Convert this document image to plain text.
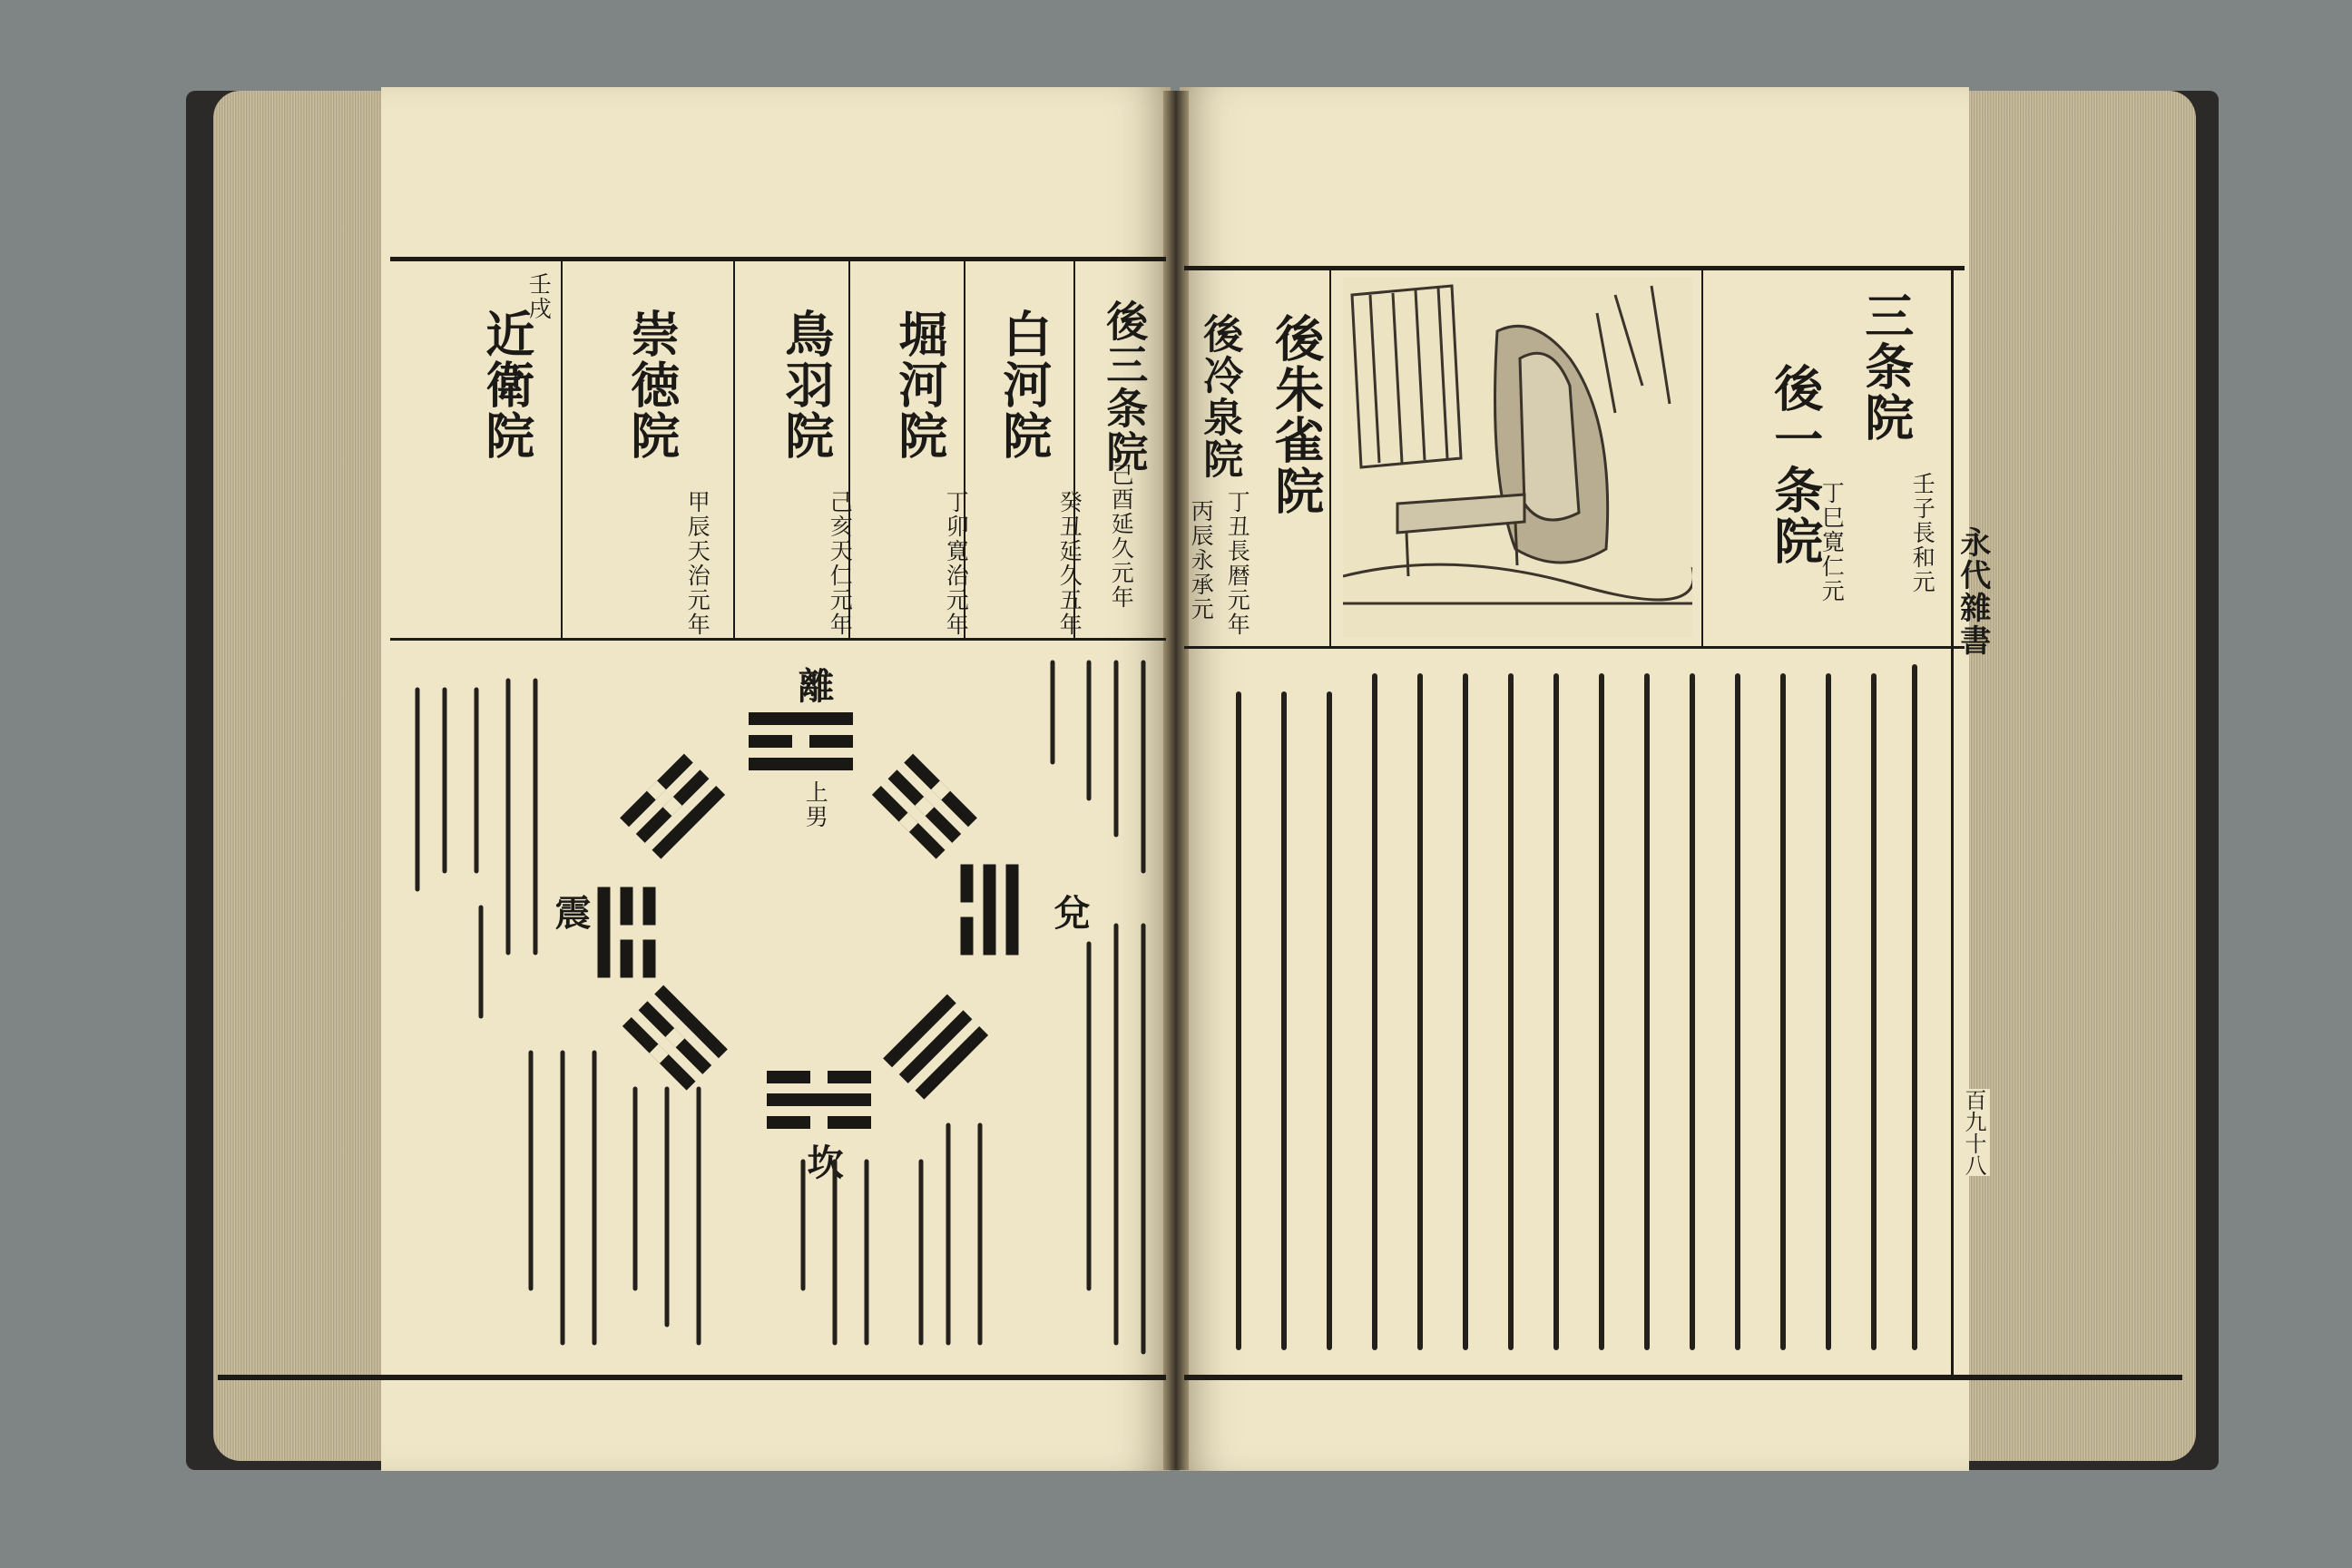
永代雜書
百九十八
三条院
壬子長和元
後一条院
丁巳寛仁元
後朱雀院
丁丑長暦元年
後冷泉院
丙辰永承元
後三条院
己酉延久元年
白河院
癸丑延久五年
堀河院
丁卯寛治元年
鳥羽院
己亥天仁元年
崇徳院
甲辰天治元年
近衛院
壬戌
離
上男
兌
震
坎
